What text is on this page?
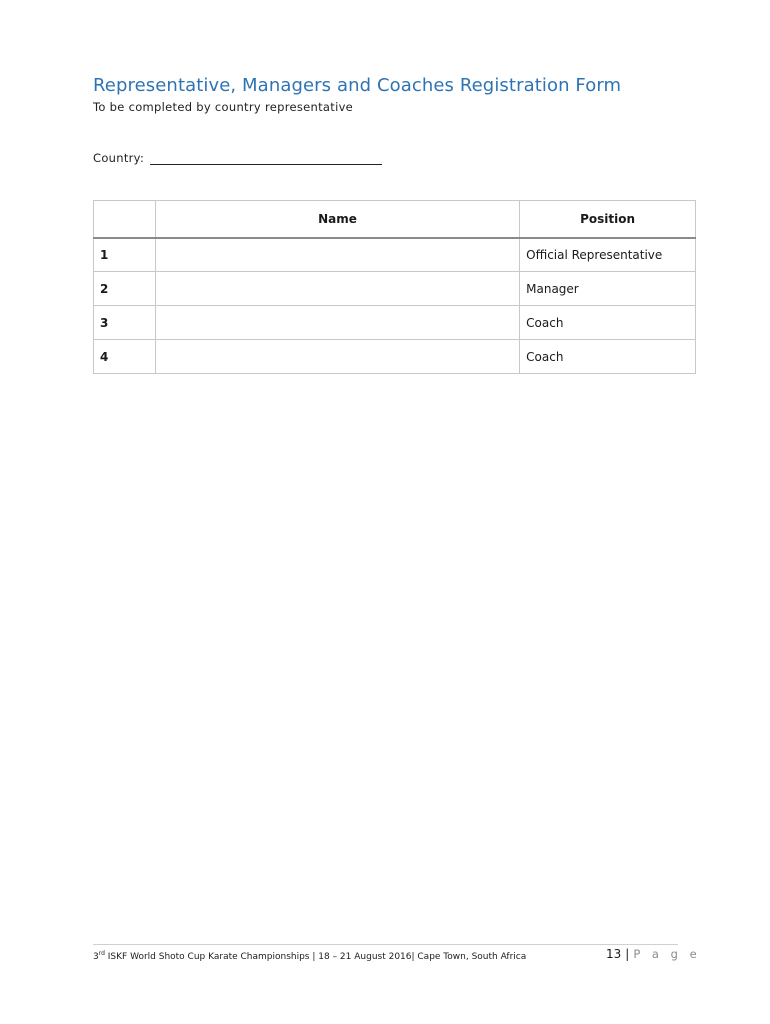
Representative, Managers and Coaches Registration Form
To be completed by country representative
Country:
	Name	Position
1		Official Representative
2		Manager
3		Coach
4		Coach
3rd ISKF World Shoto Cup Karate Championships | 18 – 21 August 2016| Cape Town, South Africa	13 | P a g e
